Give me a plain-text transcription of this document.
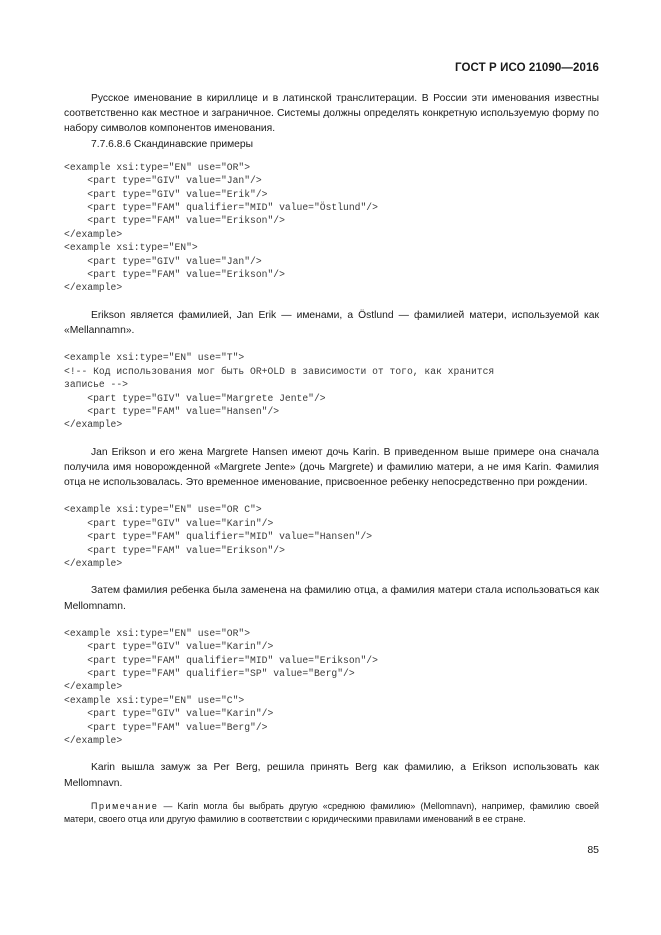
ГОСТ Р ИСО 21090—2016

Русское именование в кириллице и в латинской транслитерации. В России эти именования известны соответственно как местное и заграничное. Системы должны определять конкретную используемую форму по набору символов компонентов именования.

7.7.6.8.6 Скандинавские примеры

<example xsi:type="EN" use="OR">
<part type="GIV" value="Jan"/>
<part type="GIV" value="Erik"/>
<part type="FAM" qualifier="MID" value="Östlund"/>
<part type="FAM" value="Erikson"/>
</example>
<example xsi:type="EN">
<part type="GIV" value="Jan"/>
<part type="FAM" value="Erikson"/>
</example>

Erikson является фамилией, Jan Erik — именами, а Östlund — фамилией матери, используемой как «Mellannamn».

<example xsi:type="EN" use="T">
<!-- Код использования мог быть OR+OLD в зависимости от того, как хранится
записье -->
<part type="GIV" value="Margrete Jente"/>
<part type="FAM" value="Hansen"/>
</example>

Jan Erikson и его жена Margrete Hansen имеют дочь Karin. В приведенном выше примере она сначала получила имя новорожденной «Margrete Jente» (дочь Margrete) и фамилию матери, а не имя Karin. Фамилия отца не использовалась. Это временное именование, присвоенное ребенку непосредственно при рождении.

<example xsi:type="EN" use="OR C">
<part type="GIV" value="Karin"/>
<part type="FAM" qualifier="MID" value="Hansen"/>
<part type="FAM" value="Erikson"/>
</example>

Затем фамилия ребенка была заменена на фамилию отца, а фамилия матери стала использоваться как Mellomnamn.

<example xsi:type="EN" use="OR">
<part type="GIV" value="Karin"/>
<part type="FAM" qualifier="MID" value="Erikson"/>
<part type="FAM" qualifier="SP" value="Berg"/>
</example>
<example xsi:type="EN" use="C">
<part type="GIV" value="Karin"/>
<part type="FAM" value="Berg"/>
</example>

Karin вышла замуж за Per Berg, решила принять Berg как фамилию, а Erikson использовать как Mellomnavn.

Примечание — Karin могла бы выбрать другую «среднюю фамилию» (Mellomnavn), например, фамилию своей матери, своего отца или другую фамилию в соответствии с юридическими правилами именований в ее стране.

85
